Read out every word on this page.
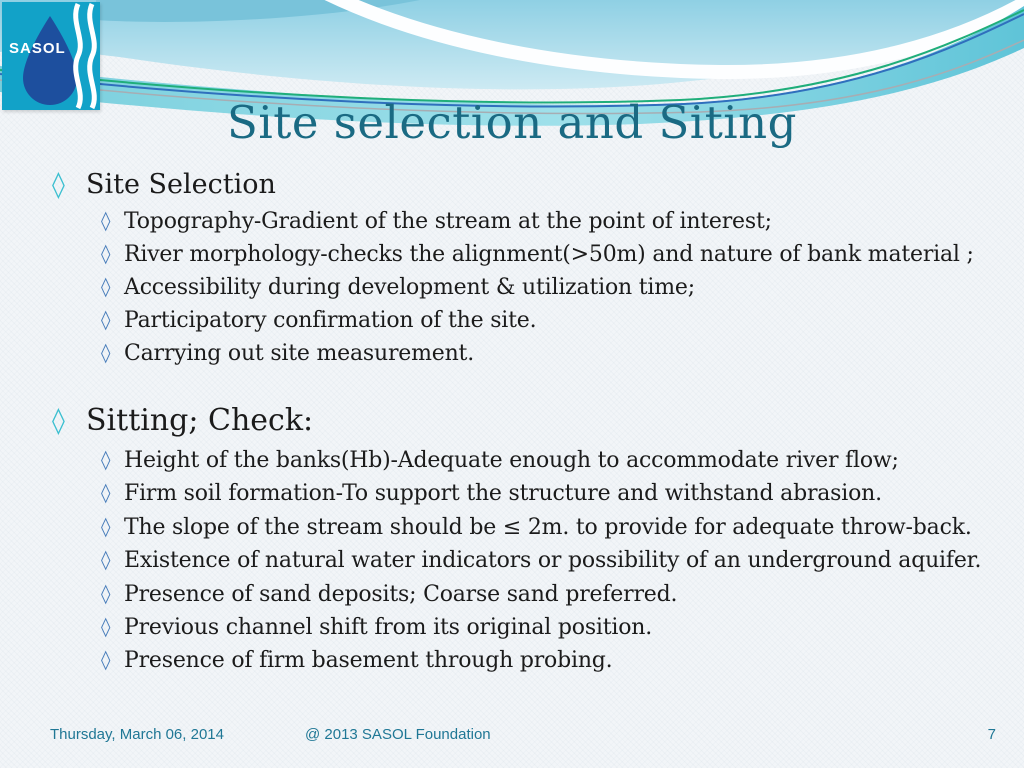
SASOL
Site selection and Siting
◊ Site Selection
◊ Topography-Gradient of the stream at the point of interest;
◊ River morphology-checks the alignment(>50m) and nature of bank material ;
◊ Accessibility during development & utilization time;
◊ Participatory confirmation of the site.
◊ Carrying out site measurement.
◊ Sitting; Check:
◊ Height of the banks(Hb)-Adequate enough to accommodate river flow;
◊ Firm soil formation-To support the structure and withstand abrasion.
◊ The slope of the stream should be ≤ 2m. to provide for adequate throw-back.
◊ Existence of natural water indicators or possibility of an underground aquifer.
◊ Presence of sand deposits; Coarse sand preferred.
◊ Previous channel shift from its original position.
◊ Presence of firm basement through probing.
Thursday, March 06, 2014	@ 2013 SASOL Foundation	7
